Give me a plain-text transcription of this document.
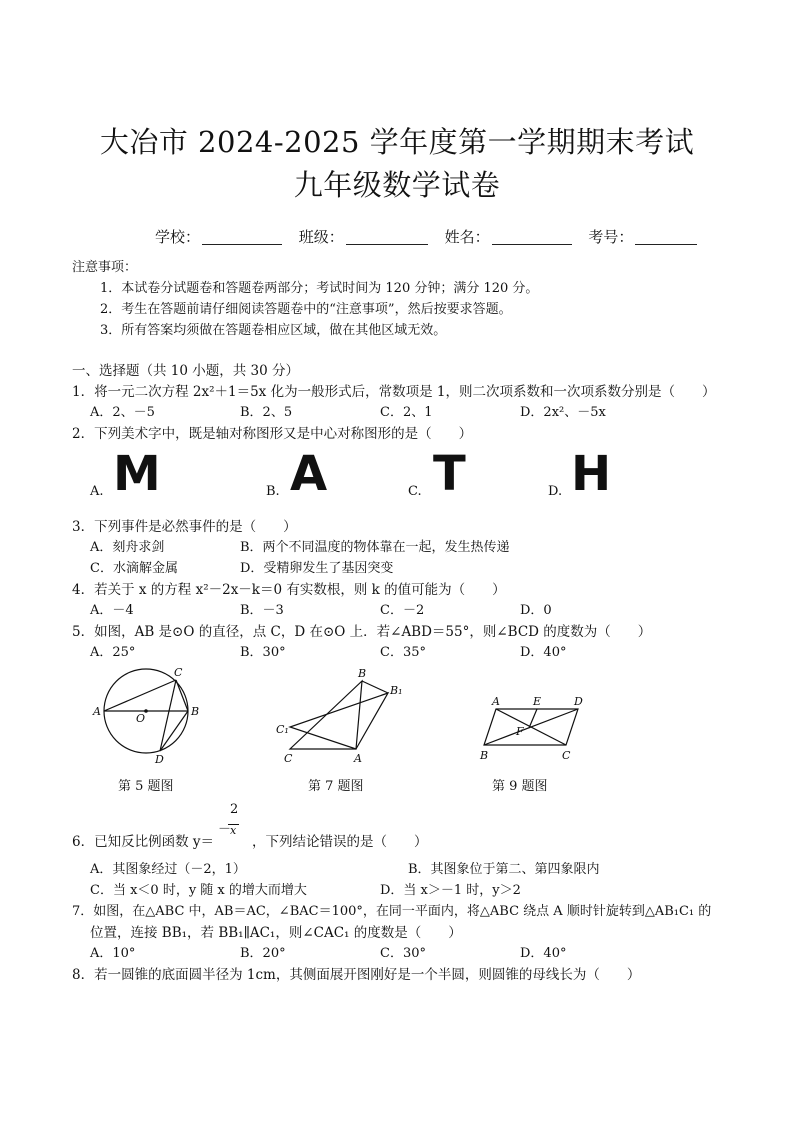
大冶市 2024-2025 学年度第一学期期末考试
九年级数学试卷
学校：	班级：	姓名：	考号：
注意事项：
1．本试卷分试题卷和答题卷两部分；考试时间为 120 分钟；满分 120 分。
2．考生在答题前请仔细阅读答题卷中的“注意事项”，然后按要求答题。
3．所有答案均须做在答题卷相应区域，做在其他区域无效。
一、选择题（共 10 小题，共 30 分）
1．将一元二次方程 2x²＋1＝5x 化为一般形式后，常数项是 1，则二次项系数和一次项系数分别是（　　）
A．2、－5	B．2、5	C．2、1	D．2x²、－5x
2．下列美术字中，既是轴对称图形又是中心对称图形的是（　　）
A. M	B. A	C. T	D. H
3．下列事件是必然事件的是（　　）
A．刻舟求剑	B．两个不同温度的物体靠在一起，发生热传递
C．水滴解金属	D．受精卵发生了基因突变
4．若关于 x 的方程 x²－2x－k＝0 有实数根，则 k 的值可能为（　　）
A．－4	B．－3	C．－2	D．0
5．如图，AB 是⊙O 的直径，点 C，D 在⊙O 上．若∠ABD＝55°，则∠BCD 的度数为（　　）
A．25°	B．30°	C．35°	D．40°
A	B
C
D
O
B
B₁
C₁
C	A
A	E	D
F
B	C
第 5 题图	第 7 题图	第 9 题图
6．已知反比例函数 y＝
－
2
x
，下列结论错误的是（　　）
A．其图象经过（－2，1）	B．其图象位于第二、第四象限内
C．当 x＜0 时，y 随 x 的增大而增大	D．当 x＞－1 时，y＞2
7．如图，在△ABC 中，AB＝AC，∠BAC＝100°，在同一平面内，将△ABC 绕点 A 顺时针旋转到△AB₁C₁ 的
位置，连接 BB₁，若 BB₁∥AC₁，则∠CAC₁ 的度数是（　　）
A．10°	B．20°	C．30°	D．40°
8．若一圆锥的底面圆半径为 1cm，其侧面展开图刚好是一个半圆，则圆锥的母线长为（　　）
